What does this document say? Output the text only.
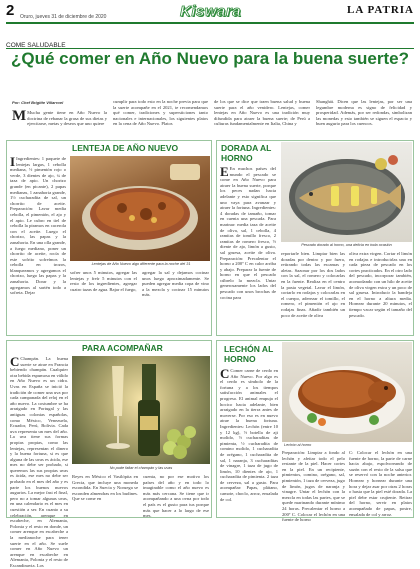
2 Oruro, jueves 31 de diciembre de 2020	Kiswara	LA PATRIA
COME SALUDABLE
¿Qué comer en Año Nuevo para la buena suerte?
Por: Chef Brigitte Villarroel
M Mucha gente tiene en Año Nuevo la doctrina de rebanar la grasa de sus dietas y ejercitarse, metas y deseos que uno quiere
cumplir para todo esto en la noche previa para que la suerte acompañe en el 2021, te recomendamos qué comer, tradiciones y supersticiones tanto nacionales e internacionales, los siguientes platos en la cena de Año Nuevo. Platos
de los que se dice que traen buena salud y buena suerte para el año venidero. Lentejas, comer lentejas en Año Nuevo es una tradición muy difundida para atraer la buena suerte; de Perú a culturas fundamentalmente en Italia, China y
Shanghái. Dicen que las lentejas, por ser una legumbre moderna es signo de felicidad y prosperidad. Además, por ser redondas, simbolizan las monedas y esto también se siguen el espacio y buen augurio para los cuencos.
LENTEJA DE AÑO NUEVO
I Ingredientes: 1 paquete de lentejas largas, 1 cebolla mediana, ½ pimentón rojo o verde, 3 dientes de ajo, ¼ de taza de apio. Un chorizo grande (en picante), 2 papas medianas, 1 zanahoria grande, 1½ cucharadita de sal, un chorrito de aceite. Preparación: Lavar media cebolla, el pimentón, el ajo y el apio. Le cubro en tiel de cebolla la piramos en cacerola con el aceite. Luego el chorizo, las papas y la zanahoria. En una olla grande, a fuego mediano, poner un chorrito de aceite, rocía de este sofrito sofreímos la cebolla en trozos, blanqueamos y agregamos el chorizo, luego las papas y la zanahoria. Dorar y la agregamos al sartén todo a sofreta. Dejar
Lentejas de Año Nuevo algo diferente para la noche del 31
sofrer unos 5 minutos, agregar las lentejas y freír 5 minutos con el resto de los ingredientes, agregar cuatro tazas de agua. Bajar el fuego,
agregar la sal y dejamos cocinar unos luego aproximadamente. Se pueden agregar media copa de vino a la mezcla y cocinar 15 minutos más.
PARA ACOMPAÑAR
C Champán. La buena suerte se atrae en Francia bebiendo champán. Cualquier otra bebida espumosa en válido en Año Nuevo es un cidra. Uvas en España se inició la tradición de comer una uva por cada campanada del reloj en el año nuevo. La costumbre se ha arraigado en Portugal y las antiguas colonias españolas, como México, Venezuela, Ecuador, Perú, Bolivia. Cada uva representa un mes del año. La uva tiene sus formas propias propias, como las lentejas, representan el dinero y la buena fortuna, si es que alguna de las uvas es ácida, ese mes no debe ser probado, si queremos las sus propias uvas es ácida, ese mes no debe ser probado en el mes del año y es parte los buenos nuevos augurios. La mejor fast el final, pero no a tomar algunas uvas, en una calendario es el mes en cuestión a ser. En cuanto a su celebración, arenque en escabeche, en Alemania, Polonia y el resto en donde, un comer arenque en escabeche a la medianoche para tener suerte en el año. Se suele comer en Año Nuevo un arenque en escabeche en Alemania, Polonia y el resto de Escandinavia. Los
No pude faltar el champán y las uvas
Reyes en México el Vasilópita en Grecia, que incluye una moneda escondida. En Suecia y Noruega se esconden almendras en los budines. Que se come en
cuenta, no por ese motivo los países del año y en todo lo imaginable como el año nuevo es más más cercana. Se tiene que ir acompañando a una ovna por todo el país es el gusto para tus porque más que hacer a lo largo de ese mes.
DORADA AL HORNO
E En muchos países del mundo el pescado se come en Año Nuevo para atraer la buena suerte, porque los peces nadan hacia adelante y esto significa que uno vaya para avanzar y atraer la fortuna. Ingredientes: 4 doradas de tamaño, tomar en cuenta una pescada. Para marinar: media taza de aceite de oliva, sal, 1 cebolla, 4 ramitas de tomillo fresco, 2 ramitas de romero fresco, ½ diente de ajo, limón a gusto, sal gruesa, aceite de oliva. Preparación: Precalentar el horno a 200º C en calor arriba y abajo. Preparar la fuente de horno en que el pescado cúbrelo la mezcla. Untar generosamente los lados del pescado con unos brochas de cocina para
Pescado dorado al horno, una delicia en toda ocasión
reportarle bien. Limpiar bien las doradas por dentro y por fuera, retirando todas las escamas y aletas. Sazonar por los dos lados con la sal, el romero y colocarlas en la fuente. Realiza en el centro la pasta vegetal. Lavar el limón, cortarlo en rodajas y colocarlas en el cuerpo, aderezar el tomillo, el romero, el pimentón el ajo en rodajas finas. Añadir también un poco de aceite de oliva
oliva extra virgen. Cortar el limón en rodajas e introducirlas una en cada pieza de pescado en los cortes practicados. En el otro lado del pescado, incorporar también, acomodando con un hilo de aceite de oliva virgen extra y un poco de sal gruesa. Introducir la bandeja en el horno a altura media. Hornear durante 20 minutos, el tiempo vacar según el tamaño del pescado.
LECHÓN AL HORNO
C Comer carne de cerdo en Año Nuevo. Por algo es el cerdo es símbolo de la fortuna y a los tiempos satisfacción animales el progreso. El animal empuja el hocico hacia adelante, bien arraigado en la tierra antes de moverse. Por eso es en nuevo atrae la buena fortuna. Ingredientes: Lechón (entre 10 y 12 kg), ½ botella de aji molido, ½ cucharaditas de pimienta, ½ cucharadita de comino molido, 1 cucharadita de orégano, 1 cucharadita de sal, 1 naranja, 3 cucharaditas de vinagre, 1 taza de jugo de limón, 10 dientes de ajo, 1 cucharadita de pimienta. 2 taza de cerveza, sal a gusto. Para acompañar: Papas, plátano, camote, choclo, arroz, ensalada de col.
Lechón al horno
Preparación: Limpiar a fondo al lechón y afeitar todo el pelo restante de la piel. Hacer cortes en la piel. En un recipiente, pimientos, comino, orégano, sal, pimientón, 1 taza de cerveza, jugo de limón, jugos de naranja y vinagre. Untar el lechón con la mezcla en todas las partes, que se quede marinando durante mínimo 24 horas. Precalentar el horno a 200º C. Colocar el lechón en una fuente de horno
C: Colocar el lechón en una fuente de horno, la parte de carne hacia abajo, espolvoreando de sazón con el resto de la salsa que se reservó con la noche anterior. Hornear y hornear durante una hora y dejar asar por otras 2 horas o hasta que la piel esté dorada. La piel debe estar crujiente. Retirar del horno, servir en platos acompañado de papas, postre, ensalada de col y arroz.
